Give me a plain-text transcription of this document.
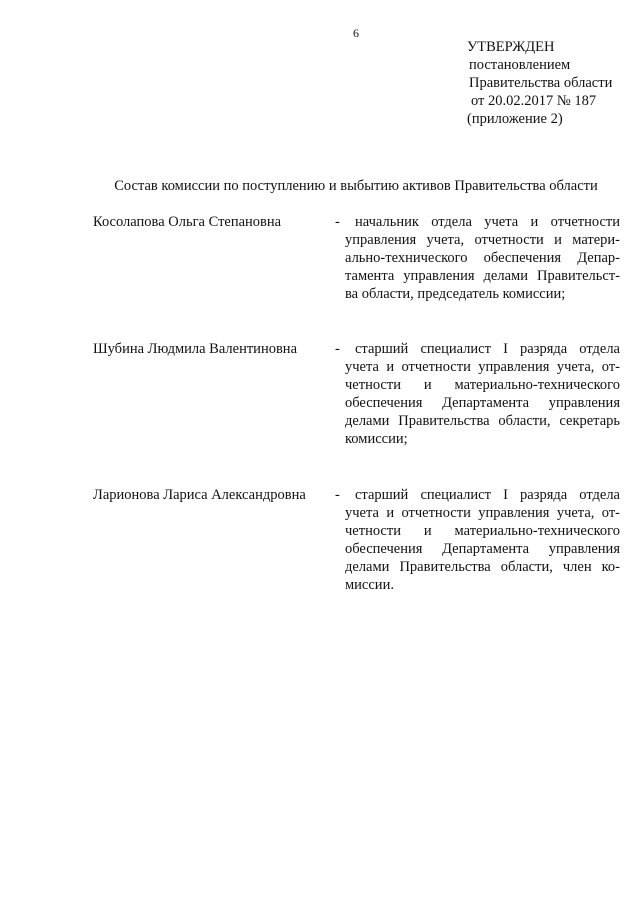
6
УТВЕРЖДЕН
постановлением
Правительства области
от 20.02.2017 № 187
(приложение 2)
Состав комиссии по поступлению и выбытию активов Правительства области
Косолапова Ольга Степановна	-	начальник отдела учета и отчетности
управления учета, отчетности и матери-
ально-технического обеспечения Депар-
тамента управления делами Правительст-
ва области, председатель комиссии;
Шубина Людмила Валентиновна	-	старший специалист I разряда отдела
учета и отчетности управления учета, от-
четности и материально-технического
обеспечения Департамента управления
делами Правительства области, секретарь
комиссии;
Ларионова Лариса Александровна -	старший специалист I разряда отдела
учета и отчетности управления учета, от-
четности и материально-технического
обеспечения Департамента управления
делами Правительства области, член ко-
миссии.
